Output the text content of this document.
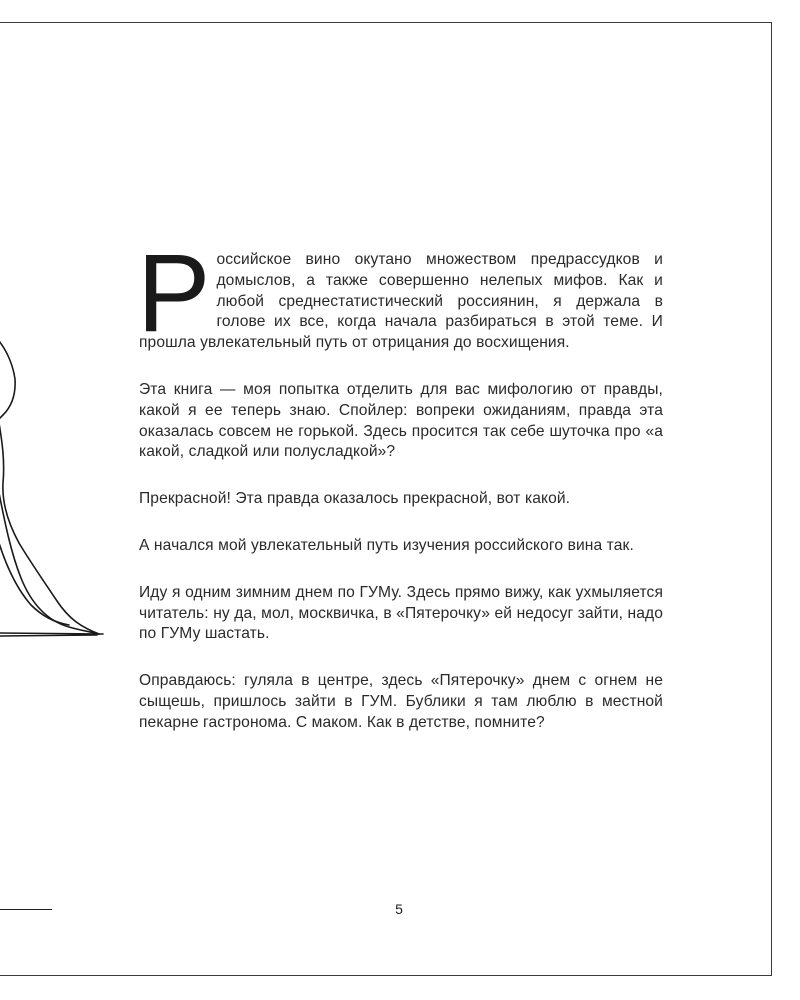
Российское вино окутано множеством предрассудков и домыслов, а также совершенно нелепых мифов. Как и любой среднестатистический россиянин, я держала в голове их все, когда начала разбираться в этой теме. И прошла увлекательный путь от отрицания до восхищения.

Эта книга — моя попытка отделить для вас мифологию от правды, какой я ее теперь знаю. Спойлер: вопреки ожиданиям, правда эта оказалась совсем не горькой. Здесь просится так себе шуточка про «а какой, сладкой или полусладкой»?

Прекрасной! Эта правда оказалось прекрасной, вот какой.

А начался мой увлекательный путь изучения российского вина так.

Иду я одним зимним днем по ГУМу. Здесь прямо вижу, как ухмыляется читатель: ну да, мол, москвичка, в «Пятерочку» ей недосуг зайти, надо по ГУМу шастать.

Оправдаюсь: гуляла в центре, здесь «Пятерочку» днем с огнем не сыщешь, пришлось зайти в ГУМ. Бублики я там люблю в местной пекарне гастронома. С маком. Как в детстве, помните?

5
